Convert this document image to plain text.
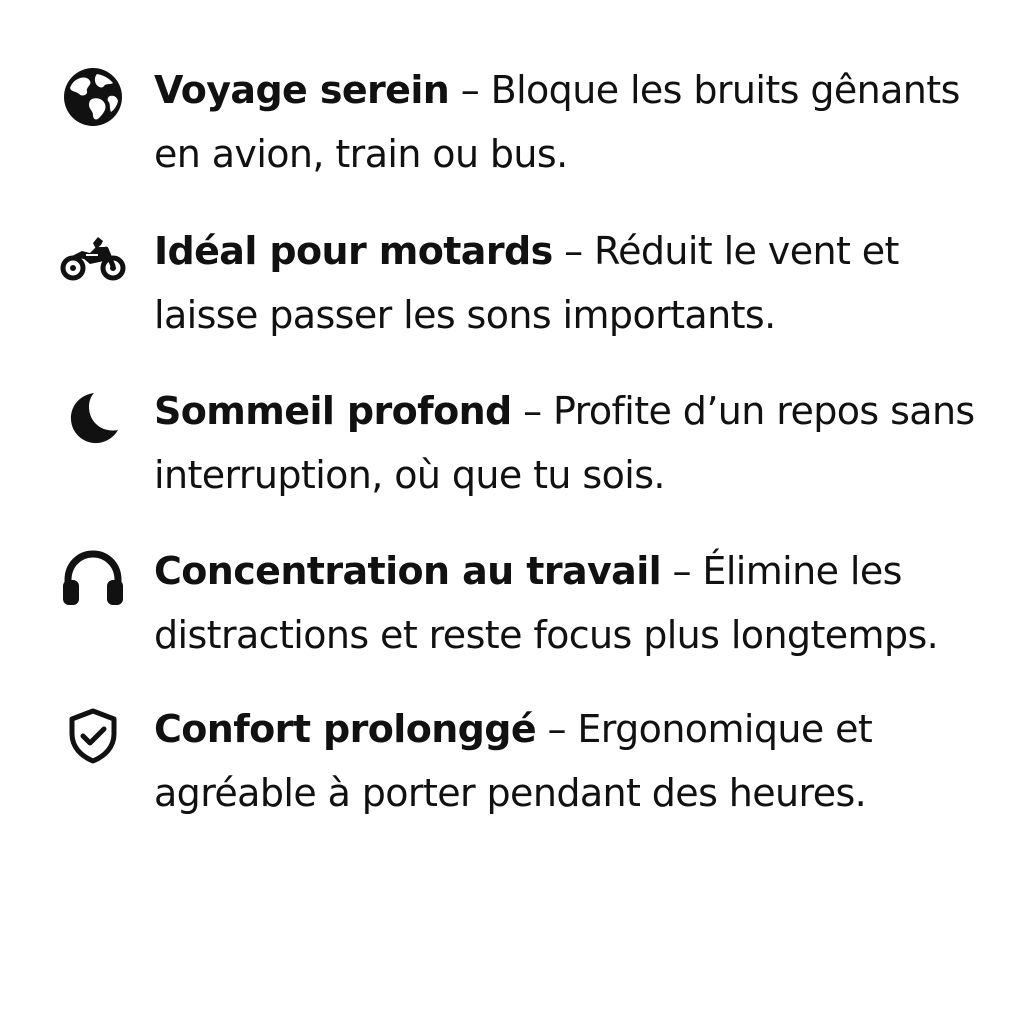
Voyage serein – Bloque les bruits gênants en avion, train ou bus.
Idéal pour motards – Réduit le vent et laisse passer les sons importants.
Sommeil profond – Profite d’un repos sans interruption, où que tu sois.
Concentration au travail – Élimine les distractions et reste focus plus longtemps.
Confort prolonggé – Ergonomique et agréable à porter pendant des heures.
